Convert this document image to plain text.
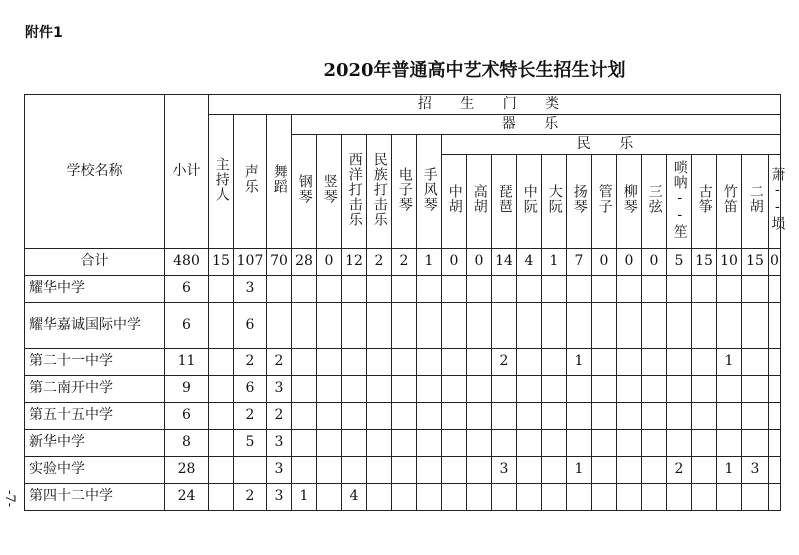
附件1
2020年普通高中艺术特长生招生计划
-7-
学校名称	小计	招 生 门 类																						
		主持人	声乐	舞蹈	器 乐																			
					钢琴	竖琴	西洋打击乐	民族打击乐	电子琴	手风琴	民 乐													
											中胡	高胡	琵琶	中阮	大阮	扬琴	管子	柳琴	三弦	唢呐--笙	古筝	竹笛	二胡	萧--埙
合计	480	15	107	70	28	0	12	2	2	1	0	0	14	4	1	7	0	0	0	5	15	10	15	0
耀华中学	6		3																					
耀华嘉诚国际中学	6		6																					
第二十一中学	11		2	2									2			1						1		
第二南开中学	9		6	3																				
第五十五中学	6		2	2																				
新华中学	8		5	3																				
实验中学	28			3									3			1				2		1	3	
第四十二中学	24		2	3	1		4																	
